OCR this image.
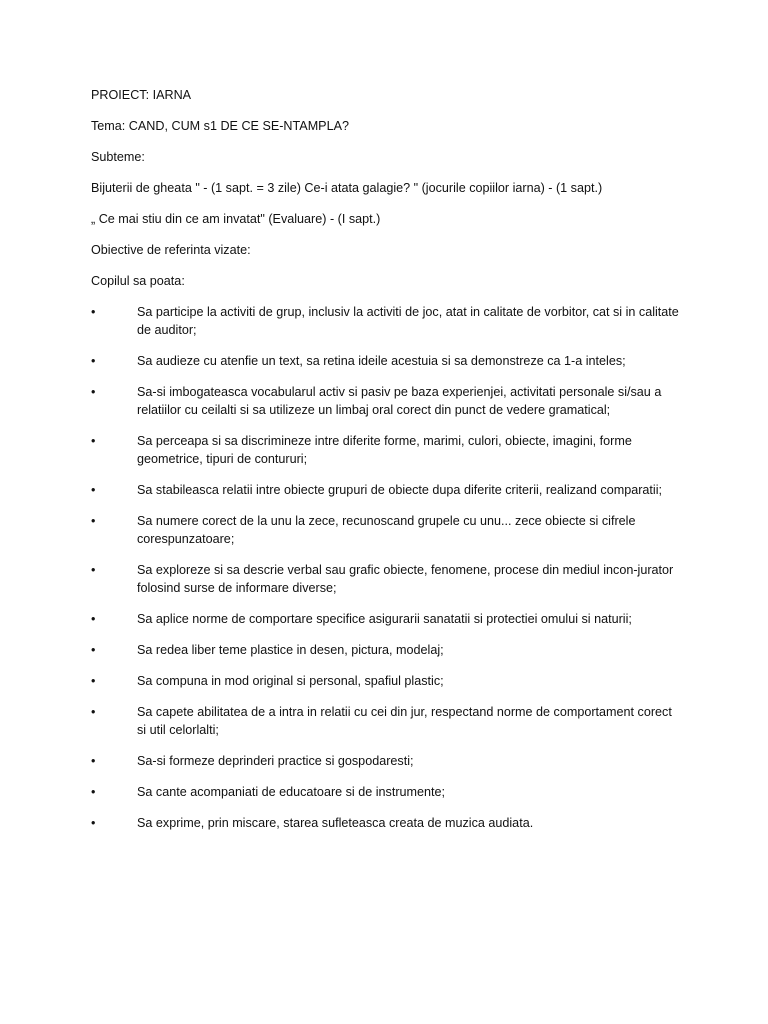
PROIECT: IARNA

Tema: CAND, CUM s1 DE CE SE-NTAMPLA?

Subteme:

Bijuterii de gheata " - (1 sapt. = 3 zile) Ce-i atata galagie? " (jocurile copiilor iarna) - (1 sapt.)

„ Ce mai stiu din ce am invatat" (Evaluare) - (I sapt.)

Obiective de referinta vizate:

Copilul sa poata:

•	Sa participe la activiti de grup, inclusiv la activiti de joc, atat in calitate de vorbitor, cat si in calitate de auditor;
•	Sa audieze cu atenfie un text, sa retina ideile acestuia si sa demonstreze ca 1-a inteles;
•	Sa-si imbogateasca vocabularul activ si pasiv pe baza experienjei, activitati personale si/sau a relatiilor cu ceilalti si sa utilizeze un limbaj oral corect din punct de vedere gramatical;
•	Sa perceapa si sa discrimineze intre diferite forme, marimi, culori, obiecte, imagini, forme geometrice, tipuri de contururi;
•	Sa stabileasca relatii intre obiecte grupuri de obiecte dupa diferite criterii, realizand comparatii;
•	Sa numere corect de la unu la zece, recunoscand grupele cu unu... zece obiecte si cifrele corespunzatoare;
•	Sa exploreze si sa descrie verbal sau grafic obiecte, fenomene, procese din mediul incon-jurator folosind surse de informare diverse;
•	Sa aplice norme de comportare specifice asigurarii sanatatii si protectiei omului si naturii;
•	Sa redea liber teme plastice in desen, pictura, modelaj;
•	Sa compuna in mod original si personal, spafiul plastic;
•	Sa capete abilitatea de a intra in relatii cu cei din jur, respectand norme de comportament corect si util celorlalti;
•	Sa-si formeze deprinderi practice si gospodaresti;
•	Sa cante acompaniati de educatoare si de instrumente;
•	Sa exprime, prin miscare, starea sufleteasca creata de muzica audiata.
